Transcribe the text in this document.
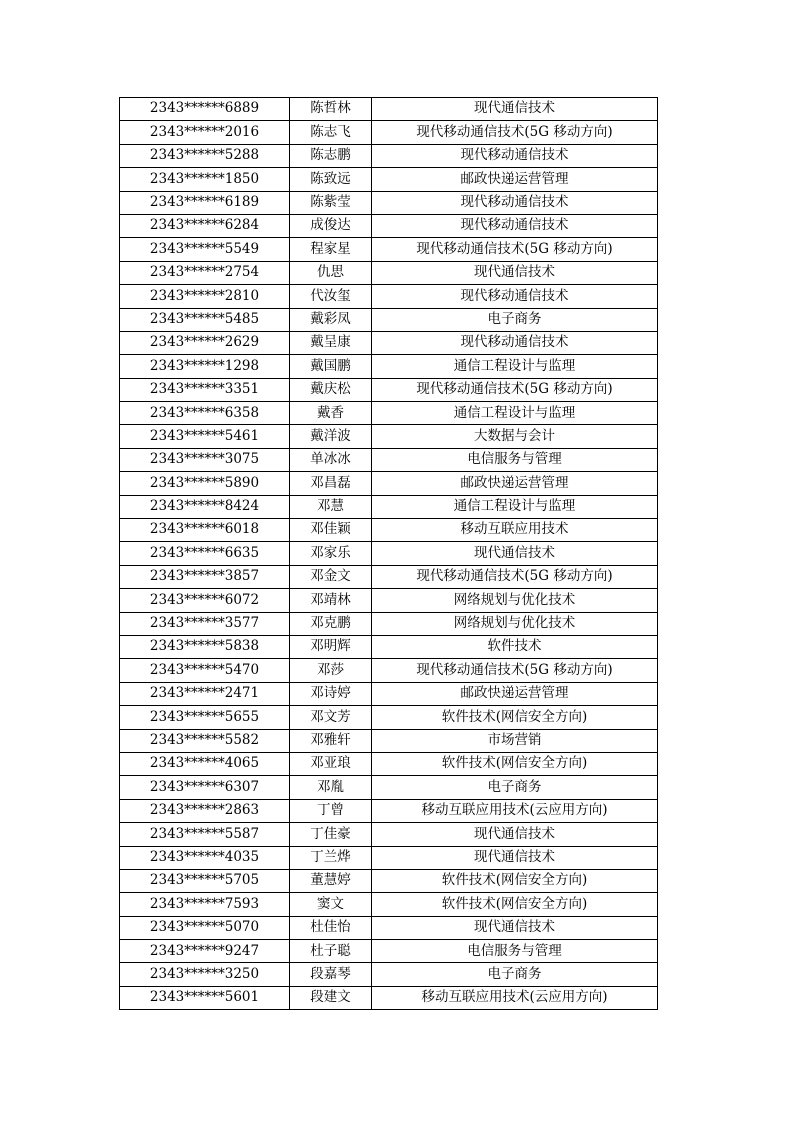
2343******6889	陈哲林	现代通信技术
2343******2016	陈志飞	现代移动通信技术(5G 移动方向)
2343******5288	陈志鹏	现代移动通信技术
2343******1850	陈致远	邮政快递运营管理
2343******6189	陈紫莹	现代移动通信技术
2343******6284	成俊达	现代移动通信技术
2343******5549	程家星	现代移动通信技术(5G 移动方向)
2343******2754	仇思	现代通信技术
2343******2810	代汝玺	现代移动通信技术
2343******5485	戴彩凤	电子商务
2343******2629	戴呈康	现代移动通信技术
2343******1298	戴国鹏	通信工程设计与监理
2343******3351	戴庆松	现代移动通信技术(5G 移动方向)
2343******6358	戴香	通信工程设计与监理
2343******5461	戴洋波	大数据与会计
2343******3075	单冰冰	电信服务与管理
2343******5890	邓昌磊	邮政快递运营管理
2343******8424	邓慧	通信工程设计与监理
2343******6018	邓佳颖	移动互联应用技术
2343******6635	邓家乐	现代通信技术
2343******3857	邓金文	现代移动通信技术(5G 移动方向)
2343******6072	邓靖林	网络规划与优化技术
2343******3577	邓克鹏	网络规划与优化技术
2343******5838	邓明辉	软件技术
2343******5470	邓莎	现代移动通信技术(5G 移动方向)
2343******2471	邓诗婷	邮政快递运营管理
2343******5655	邓文芳	软件技术(网信安全方向)
2343******5582	邓雅轩	市场营销
2343******4065	邓亚琅	软件技术(网信安全方向)
2343******6307	邓胤	电子商务
2343******2863	丁曾	移动互联应用技术(云应用方向)
2343******5587	丁佳豪	现代通信技术
2343******4035	丁兰烨	现代通信技术
2343******5705	董慧婷	软件技术(网信安全方向)
2343******7593	窦文	软件技术(网信安全方向)
2343******5070	杜佳怡	现代通信技术
2343******9247	杜子聪	电信服务与管理
2343******3250	段嘉琴	电子商务
2343******5601	段建文	移动互联应用技术(云应用方向)
